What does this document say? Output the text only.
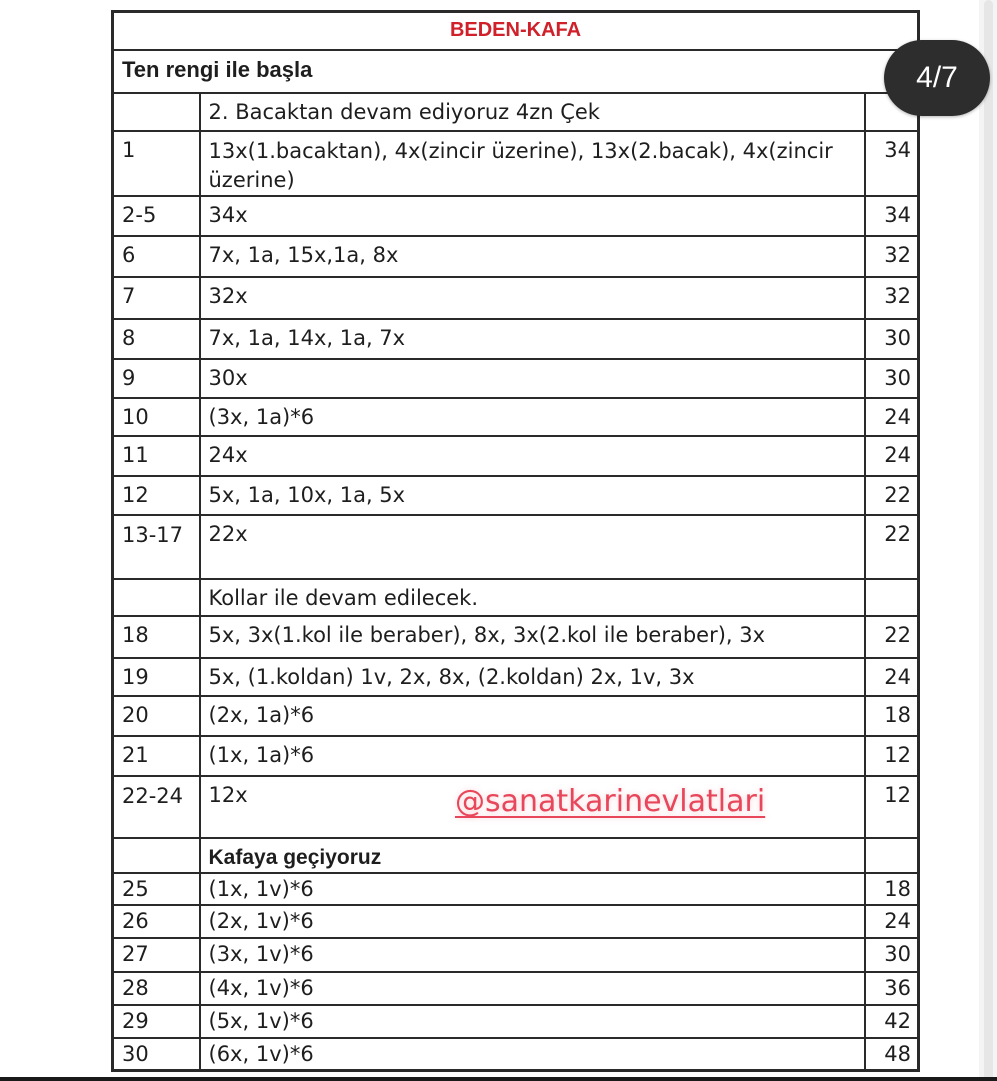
BEDEN-KAFA		
Ten rengi ile başla		
	2. Bacaktan devam ediyoruz 4zn Çek	
1	13x(1.bacaktan), 4x(zincir üzerine), 13x(2.bacak), 4x(zincir üzerine)	34
2-5	34x	34
6	7x, 1a, 15x,1a, 8x	32
7	32x	32
8	7x, 1a, 14x, 1a, 7x	30
9	30x	30
10	(3x, 1a)*6	24
11	24x	24
12	5x, 1a, 10x, 1a, 5x	22
13-17	22x	22
	Kollar ile devam edilecek.	
18	5x, 3x(1.kol ile beraber), 8x, 3x(2.kol ile beraber), 3x	22
19	5x, (1.koldan) 1v, 2x, 8x, (2.koldan) 2x, 1v, 3x	24
20	(2x, 1a)*6	18
21	(1x, 1a)*6	12
22-24	12x	12
	Kafaya geçiyoruz	
25	(1x, 1v)*6	18
26	(2x, 1v)*6	24
27	(3x, 1v)*6	30
28	(4x, 1v)*6	36
29	(5x, 1v)*6	42
30	(6x, 1v)*6	48
@sanatkarinevlatlari
4/7
